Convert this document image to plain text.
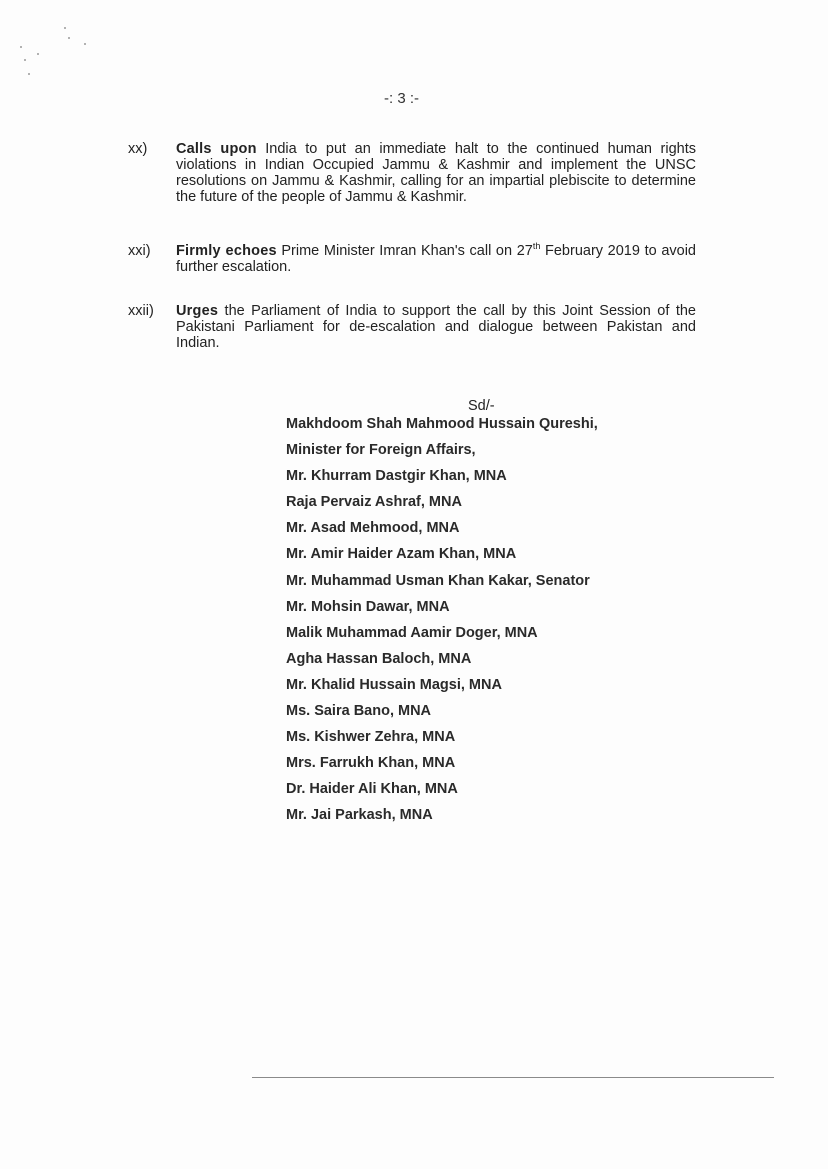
-: 3 :-
xx)	Calls upon India to put an immediate halt to the continued human rights violations in Indian Occupied Jammu & Kashmir and implement the UNSC resolutions on Jammu & Kashmir, calling for an impartial plebiscite to determine the future of the people of Jammu & Kashmir.
xxi)	Firmly echoes Prime Minister Imran Khan's call on 27th February 2019 to avoid further escalation.
xxii)	Urges the Parliament of India to support the call by this Joint Session of the Pakistani Parliament for de-escalation and dialogue between Pakistan and Indian.
Sd/-
Makhdoom Shah Mahmood Hussain Qureshi,
Minister for Foreign Affairs,
Mr. Khurram Dastgir Khan, MNA
Raja Pervaiz Ashraf, MNA
Mr. Asad Mehmood, MNA
Mr. Amir Haider Azam Khan, MNA
Mr. Muhammad Usman Khan Kakar, Senator
Mr. Mohsin Dawar, MNA
Malik Muhammad Aamir Doger, MNA
Agha Hassan Baloch, MNA
Mr. Khalid Hussain Magsi, MNA
Ms. Saira Bano, MNA
Ms. Kishwer Zehra, MNA
Mrs. Farrukh Khan, MNA
Dr. Haider Ali Khan, MNA
Mr. Jai Parkash, MNA
